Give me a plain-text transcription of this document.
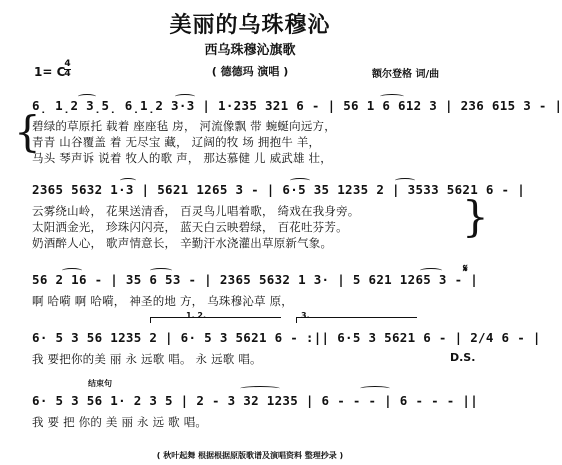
美丽的乌珠穆沁
西乌珠穆沁旗歌
( 德德玛 演唱 )	额尔登格 词/曲
1= C
4
4
6̣ 1̣2 3̣5̣ 6̣1̣2 3·3 | 1·235 321 6 - | 56 1 6 612 3 | 236 615 3 - |
{
碧绿的草原托 载着 座座毡 房， 河流像飘 带 蜿蜒向远方，
青青 山谷覆盖 着 无尽宝 藏， 辽阔的牧 场 拥抱牛 羊，
马头 琴声诉 说着 牧人的歌 声， 那达慕健 儿 威武雄 壮，
2365 5632 1·3 | 5621 1265 3 - | 6·5 35 1235 2 | 3533 5621 6 - |
云雾绕山岭， 花果送清香， 百灵鸟儿唱着歌， 绮戏在我身旁。
太阳洒金光， 珍珠闪闪亮， 蓝天白云映碧绿， 百花吐芬芳。
奶酒醉人心， 歌声情意长， 辛勤汗水浇灌出草原新气象。
}
𝄋
56 2 16 - | 35 6 53 - | 2365 5632 1 3· | 5 621 1265 3 - |
啊 哈嗬 啊 哈嗬， 神圣的地 方， 乌珠穆沁草 原，
1. 2.	3.
6· 5 3 56 1235 2 | 6· 5 3 5621 6 - :|| 6·5 3 5621 6 - | 2/4 6 - |
我 要把你的美 丽 永 远歌 唱。 永 远歌 唱。	D.S.
结束句
6· 5 3 56 1· 2 3 5 | 2 - 3 32 1235 | 6 - - - | 6 - - - ||
我 要 把 你的 美 丽 永 远 歌 唱。
( 秋叶起舞 根据根据原版歌谱及演唱资料 整理抄录 )
